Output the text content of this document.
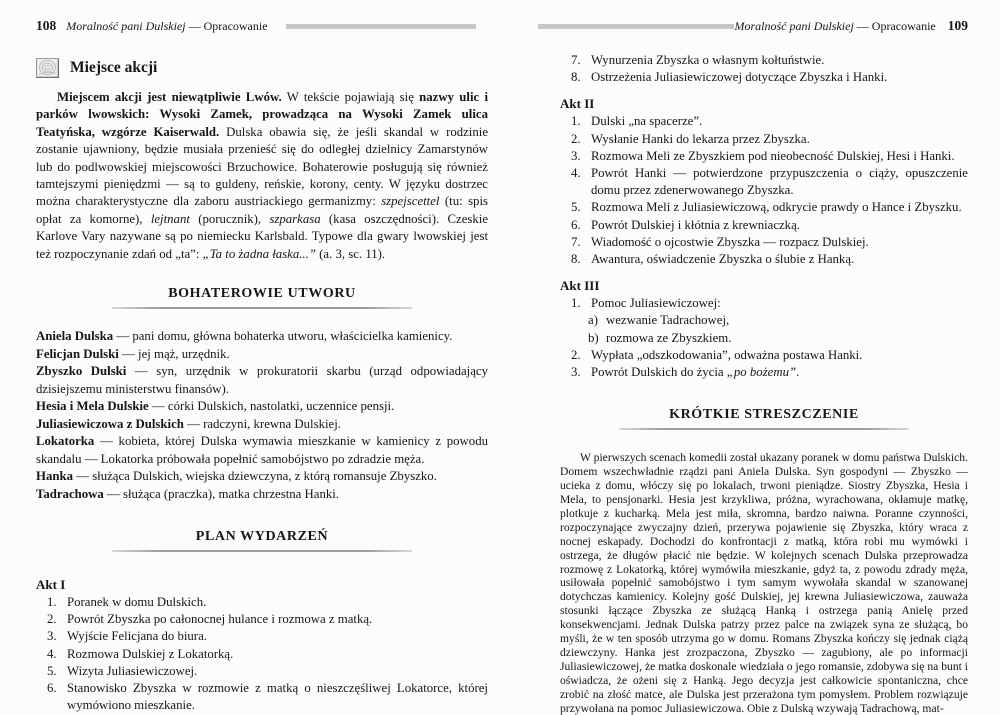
108 Moralność pani Dulskiej — Opracowanie
Miejsce akcji

Miejscem akcji jest niewątpliwie Lwów. W tekście pojawiają się nazwy ulic i parków lwowskich: Wysoki Zamek, prowadząca na Wysoki Zamek ulica Teatyńska, wzgórze Kaiserwald. Dulska obawia się, że jeśli skandal w rodzinie zostanie ujawniony, będzie musiała przenieść się do odległej dzielnicy Zamarstynów lub do podlwowskiej miejscowości Brzuchowice. Bohaterowie posługują się również tamtejszymi pieniędzmi — są to guldeny, reńskie, korony, centy. W języku dostrzec można charakterystyczne dla zaboru austriackiego germanizmy: szpejscettel (tu: spis opłat za komorne), lejtnant (porucznik), szparkasa (kasa oszczędności). Czeskie Karlove Vary nazywane są po niemiecku Karlsbald. Typowe dla gwary lwowskiej jest też rozpoczynanie zdań od „ta”: „Ta to żadna łaska...” (a. 3, sc. 11).

BOHATEROWIE UTWORU
Aniela Dulska — pani domu, główna bohaterka utworu, właścicielka kamienicy.
Felicjan Dulski — jej mąż, urzędnik.
Zbyszko Dulski — syn, urzędnik w prokuratorii skarbu (urząd odpowiadający dzisiejszemu ministerstwu finansów).
Hesia i Mela Dulskie — córki Dulskich, nastolatki, uczennice pensji.
Juliasiewiczowa z Dulskich — radczyni, krewna Dulskiej.
Lokatorka — kobieta, której Dulska wymawia mieszkanie w kamienicy z powodu skandalu — Lokatorka próbowała popełnić samobójstwo po zdradzie męża.
Hanka — służąca Dulskich, wiejska dziewczyna, z którą romansuje Zbyszko.
Tadrachowa — służąca (praczka), matka chrzestna Hanki.
PLAN WYDARZEŃ
Akt I
Poranek w domu Dulskich.
Powrót Zbyszka po całonocnej hulance i rozmowa z matką.
Wyjście Felicjana do biura.
Rozmowa Dulskiej z Lokatorką.
Wizyta Juliasiewiczowej.
Stanowisko Zbyszka w rozmowie z matką o nieszczęśliwej Lokatorce, której wymówiono mieszkanie.
Moralność pani Dulskiej — Opracowanie 109
Wynurzenia Zbyszka o własnym kołtuństwie.
Ostrzeżenia Juliasiewiczowej dotyczące Zbyszka i Hanki.
Akt II
Dulski „na spacerze”.
Wysłanie Hanki do lekarza przez Zbyszka.
Rozmowa Meli ze Zbyszkiem pod nieobecność Dulskiej, Hesi i Hanki.
Powrót Hanki — potwierdzone przypuszczenia o ciąży, opuszczenie domu przez zdenerwowanego Zbyszka.
Rozmowa Meli z Juliasiewiczową, odkrycie prawdy o Hance i Zbyszku.
Powrót Dulskiej i kłótnia z krewniaczką.
Wiadomość o ojcostwie Zbyszka — rozpacz Dulskiej.
Awantura, oświadczenie Zbyszka o ślubie z Hanką.
Akt III
Pomoc Juliasiewiczowej:
wezwanie Tadrachowej,
rozmowa ze Zbyszkiem.
Wypłata „odszkodowania”, odważna postawa Hanki.
Powrót Dulskich do życia „po bożemu”.
KRÓTKIE STRESZCZENIE

W pierwszych scenach komedii został ukazany poranek w domu państwa Dulskich. Domem wszechwładnie rządzi pani Aniela Dulska. Syn gospodyni — Zbyszko — ucieka z domu, włóczy się po lokalach, trwoni pieniądze. Siostry Zbyszka, Hesia i Mela, to pensjonarki. Hesia jest krzykliwa, próżna, wyrachowana, okłamuje matkę, plotkuje z kucharką. Mela jest miła, skromna, bardzo naiwna. Poranne czynności, rozpoczynające zwyczajny dzień, przerywa pojawienie się Zbyszka, który wraca z nocnej eskapady. Dochodzi do konfrontacji z matką, która robi mu wymówki i ostrzega, że długów płacić nie będzie. W kolejnych scenach Dulska przeprowadza rozmowę z Lokatorką, której wymówiła mieszkanie, gdyż ta, z powodu zdrady męża, usiłowała popełnić samobójstwo i tym samym wywołała skandal w szanowanej dotychczas kamienicy. Kolejny gość Dulskiej, jej krewna Juliasiewiczowa, zauważa stosunki łączące Zbyszka ze służącą Hanką i ostrzega panią Anielę przed konsekwencjami. Jednak Dulska patrzy przez palce na związek syna ze służącą, bo myśli, że w ten sposób utrzyma go w domu. Romans Zbyszka kończy się jednak ciążą dziewczyny. Hanka jest zrozpaczona, Zbyszko — zagubiony, ale po informacji Juliasiewiczowej, że matka doskonale wiedziała o jego romansie, zdobywa się na bunt i oświadcza, że ożeni się z Hanką. Jego decyzja jest całkowicie spontaniczna, chce zrobić na złość matce, ale Dulska jest przerażona tym pomysłem. Problem rozwiązuje przywołana na pomoc Juliasiewiczowa. Obie z Dulską wzywają Tadrachową, mat-
